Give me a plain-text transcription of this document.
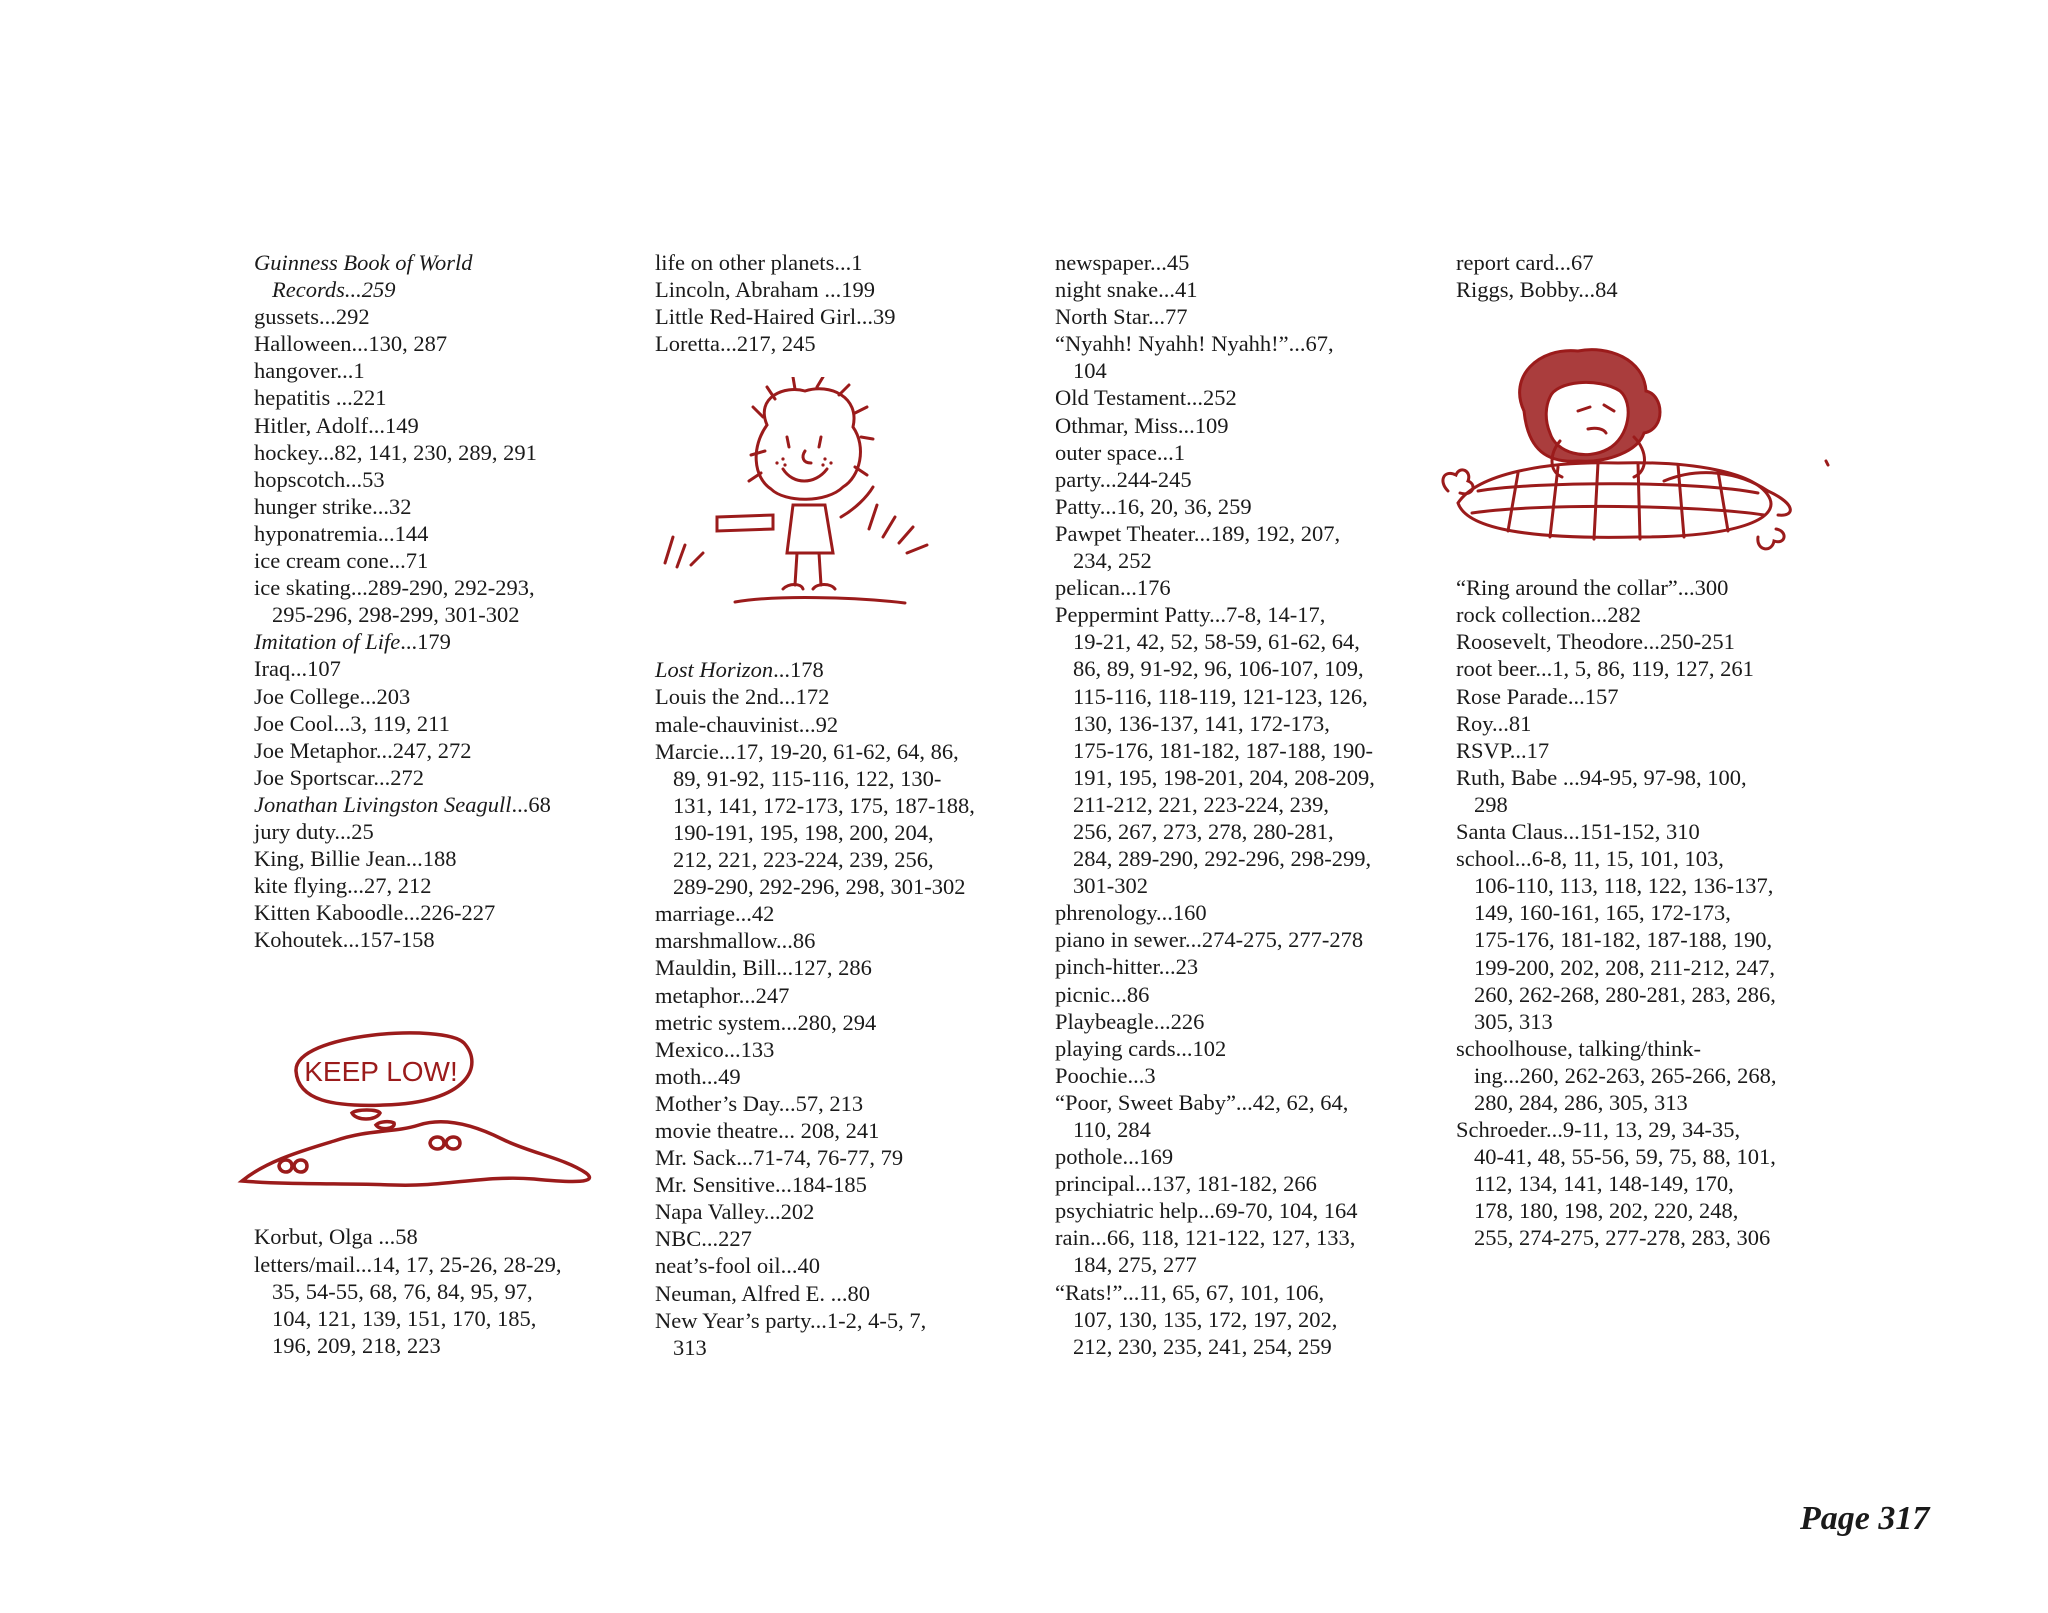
Guinness Book of World
Records...259

gussets...292

Halloween...130, 287

hangover...1

hepatitis ...221

Hitler, Adolf...149

hockey...82, 141, 230, 289, 291

hopscotch...53

hunger strike...32

hyponatremia...144

ice cream cone...71

ice skating...289-290, 292-293,
295-296, 298-299, 301-302

Imitation of Life...179

Iraq...107

Joe College...203

Joe Cool...3, 119, 211

Joe Metaphor...247, 272

Joe Sportscar...272

Jonathan Livingston Seagull...68

jury duty...25

King, Billie Jean...188

kite flying...27, 212

Kitten Kaboodle...226-227

Kohoutek...157-158

KEEP LOW!

Korbut, Olga ...58

letters/mail...14, 17, 25-26, 28-29,
35, 54-55, 68, 76, 84, 95, 97,
104, 121, 139, 151, 170, 185,
196, 209, 218, 223

life on other planets...1

Lincoln, Abraham ...199

Little Red-Haired Girl...39

Loretta...217, 245

Lost Horizon...178

Louis the 2nd...172

male-chauvinist...92

Marcie...17, 19-20, 61-62, 64, 86,
89, 91-92, 115-116, 122, 130-
131, 141, 172-173, 175, 187-188,
190-191, 195, 198, 200, 204,
212, 221, 223-224, 239, 256,
289-290, 292-296, 298, 301-302

marriage...42

marshmallow...86

Mauldin, Bill...127, 286

metaphor...247

metric system...280, 294

Mexico...133

moth...49

Mother’s Day...57, 213

movie theatre... 208, 241

Mr. Sack...71-74, 76-77, 79

Mr. Sensitive...184-185

Napa Valley...202

NBC...227

neat’s-fool oil...40

Neuman, Alfred E. ...80

New Year’s party...1-2, 4-5, 7,
313

newspaper...45

night snake...41

North Star...77

“Nyahh! Nyahh! Nyahh!”...67,
104

Old Testament...252

Othmar, Miss...109

outer space...1

party...244-245

Patty...16, 20, 36, 259

Pawpet Theater...189, 192, 207,
234, 252

pelican...176

Peppermint Patty...7-8, 14-17,
19-21, 42, 52, 58-59, 61-62, 64,
86, 89, 91-92, 96, 106-107, 109,
115-116, 118-119, 121-123, 126,
130, 136-137, 141, 172-173,
175-176, 181-182, 187-188, 190-
191, 195, 198-201, 204, 208-209,
211-212, 221, 223-224, 239,
256, 267, 273, 278, 280-281,
284, 289-290, 292-296, 298-299,
301-302

phrenology...160

piano in sewer...274-275, 277-278

pinch-hitter...23

picnic...86

Playbeagle...226

playing cards...102

Poochie...3

“Poor, Sweet Baby”...42, 62, 64,
110, 284

pothole...169

principal...137, 181-182, 266

psychiatric help...69-70, 104, 164

rain...66, 118, 121-122, 127, 133,
184, 275, 277

“Rats!”...11, 65, 67, 101, 106,
107, 130, 135, 172, 197, 202,
212, 230, 235, 241, 254, 259

report card...67

Riggs, Bobby...84

“Ring around the collar”...300

rock collection...282

Roosevelt, Theodore...250-251

root beer...1, 5, 86, 119, 127, 261

Rose Parade...157

Roy...81

RSVP...17

Ruth, Babe ...94-95, 97-98, 100,
298

Santa Claus...151-152, 310

school...6-8, 11, 15, 101, 103,
106-110, 113, 118, 122, 136-137,
149, 160-161, 165, 172-173,
175-176, 181-182, 187-188, 190,
199-200, 202, 208, 211-212, 247,
260, 262-268, 280-281, 283, 286,
305, 313

schoolhouse, talking/think-
ing...260, 262-263, 265-266, 268,
280, 284, 286, 305, 313

Schroeder...9-11, 13, 29, 34-35,
40-41, 48, 55-56, 59, 75, 88, 101,
112, 134, 141, 148-149, 170,
178, 180, 198, 202, 220, 248,
255, 274-275, 277-278, 283, 306

Page 317
